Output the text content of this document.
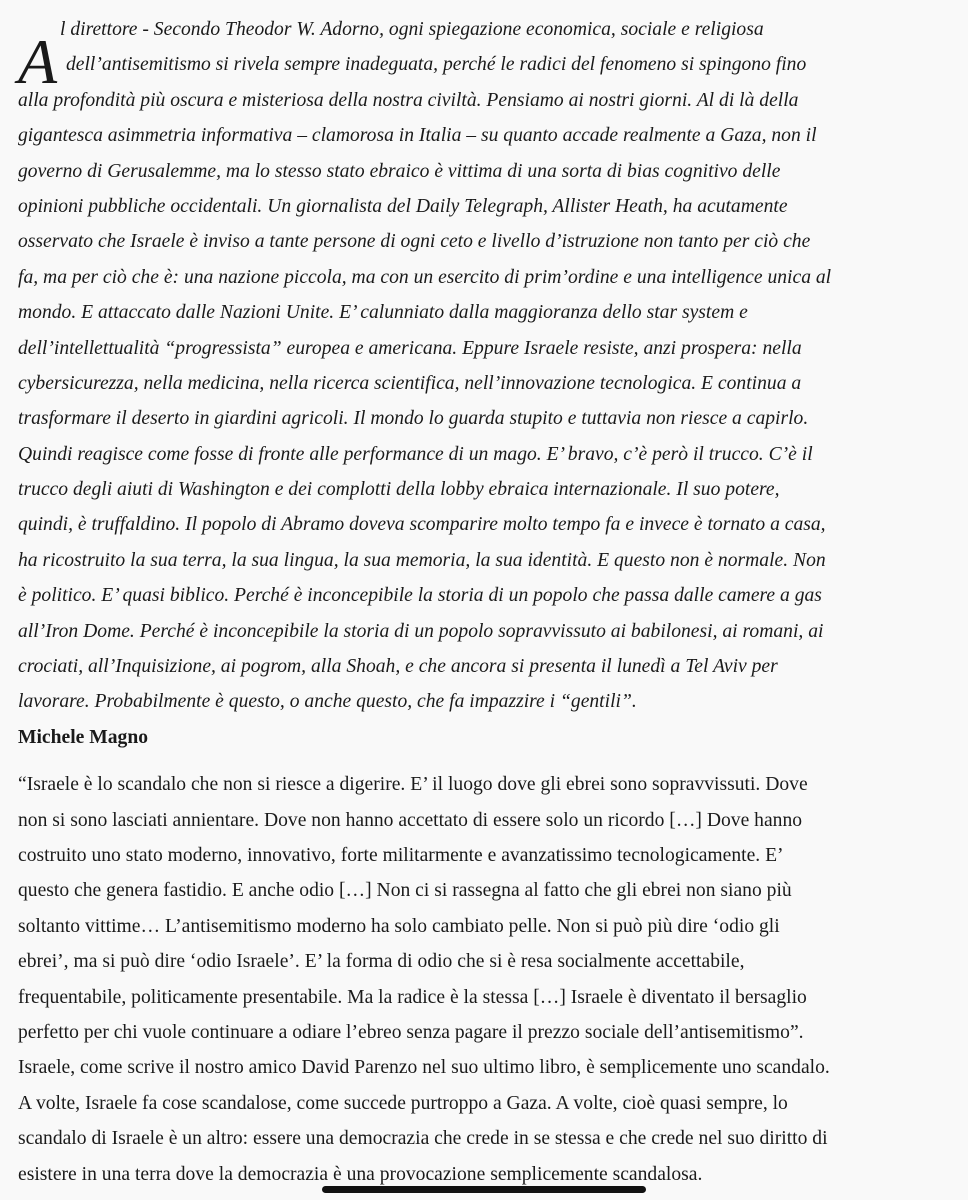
A l direttore - Secondo Theodor W. Adorno, ogni spiegazione economica, sociale e religiosa
dell’antisemitismo si rivela sempre inadeguata, perché le radici del fenomeno si spingono fino
alla profondità più oscura e misteriosa della nostra civiltà. Pensiamo ai nostri giorni. Al di là della
gigantesca asimmetria informativa – clamorosa in Italia – su quanto accade realmente a Gaza, non il
governo di Gerusalemme, ma lo stesso stato ebraico è vittima di una sorta di bias cognitivo delle
opinioni pubbliche occidentali. Un giornalista del Daily Telegraph, Allister Heath, ha acutamente
osservato che Israele è inviso a tante persone di ogni ceto e livello d’istruzione non tanto per ciò che
fa, ma per ciò che è: una nazione piccola, ma con un esercito di prim’ordine e una intelligence unica al
mondo. E attaccato dalle Nazioni Unite. E’ calunniato dalla maggioranza dello star system e
dell’intellettualità “progressista” europea e americana. Eppure Israele resiste, anzi prospera: nella
cybersicurezza, nella medicina, nella ricerca scientifica, nell’innovazione tecnologica. E continua a
trasformare il deserto in giardini agricoli. Il mondo lo guarda stupito e tuttavia non riesce a capirlo.
Quindi reagisce come fosse di fronte alle performance di un mago. E’ bravo, c’è però il trucco. C’è il
trucco degli aiuti di Washington e dei complotti della lobby ebraica internazionale. Il suo potere,
quindi, è truffaldino. Il popolo di Abramo doveva scomparire molto tempo fa e invece è tornato a casa,
ha ricostruito la sua terra, la sua lingua, la sua memoria, la sua identità. E questo non è normale. Non
è politico. E’ quasi biblico. Perché è inconcepibile la storia di un popolo che passa dalle camere a gas
all’Iron Dome. Perché è inconcepibile la storia di un popolo sopravvissuto ai babilonesi, ai romani, ai
crociati, all’Inquisizione, ai pogrom, alla Shoah, e che ancora si presenta il lunedì a Tel Aviv per
lavorare. Probabilmente è questo, o anche questo, che fa impazzire i “gentili”.
Michele Magno
“Israele è lo scandalo che non si riesce a digerire. E’ il luogo dove gli ebrei sono sopravvissuti. Dove
non si sono lasciati annientare. Dove non hanno accettato di essere solo un ricordo […] Dove hanno
costruito uno stato moderno, innovativo, forte militarmente e avanzatissimo tecnologicamente. E’
questo che genera fastidio. E anche odio […] Non ci si rassegna al fatto che gli ebrei non siano più
soltanto vittime… L’antisemitismo moderno ha solo cambiato pelle. Non si può più dire ‘odio gli
ebrei’, ma si può dire ‘odio Israele’. E’ la forma di odio che si è resa socialmente accettabile,
frequentabile, politicamente presentabile. Ma la radice è la stessa […] Israele è diventato il bersaglio
perfetto per chi vuole continuare a odiare l’ebreo senza pagare il prezzo sociale dell’antisemitismo”.
Israele, come scrive il nostro amico David Parenzo nel suo ultimo libro, è semplicemente uno scandalo.
A volte, Israele fa cose scandalose, come succede purtroppo a Gaza. A volte, cioè quasi sempre, lo
scandalo di Israele è un altro: essere una democrazia che crede in se stessa e che crede nel suo diritto di
esistere in una terra dove la democrazia è una provocazione semplicemente scandalosa.
